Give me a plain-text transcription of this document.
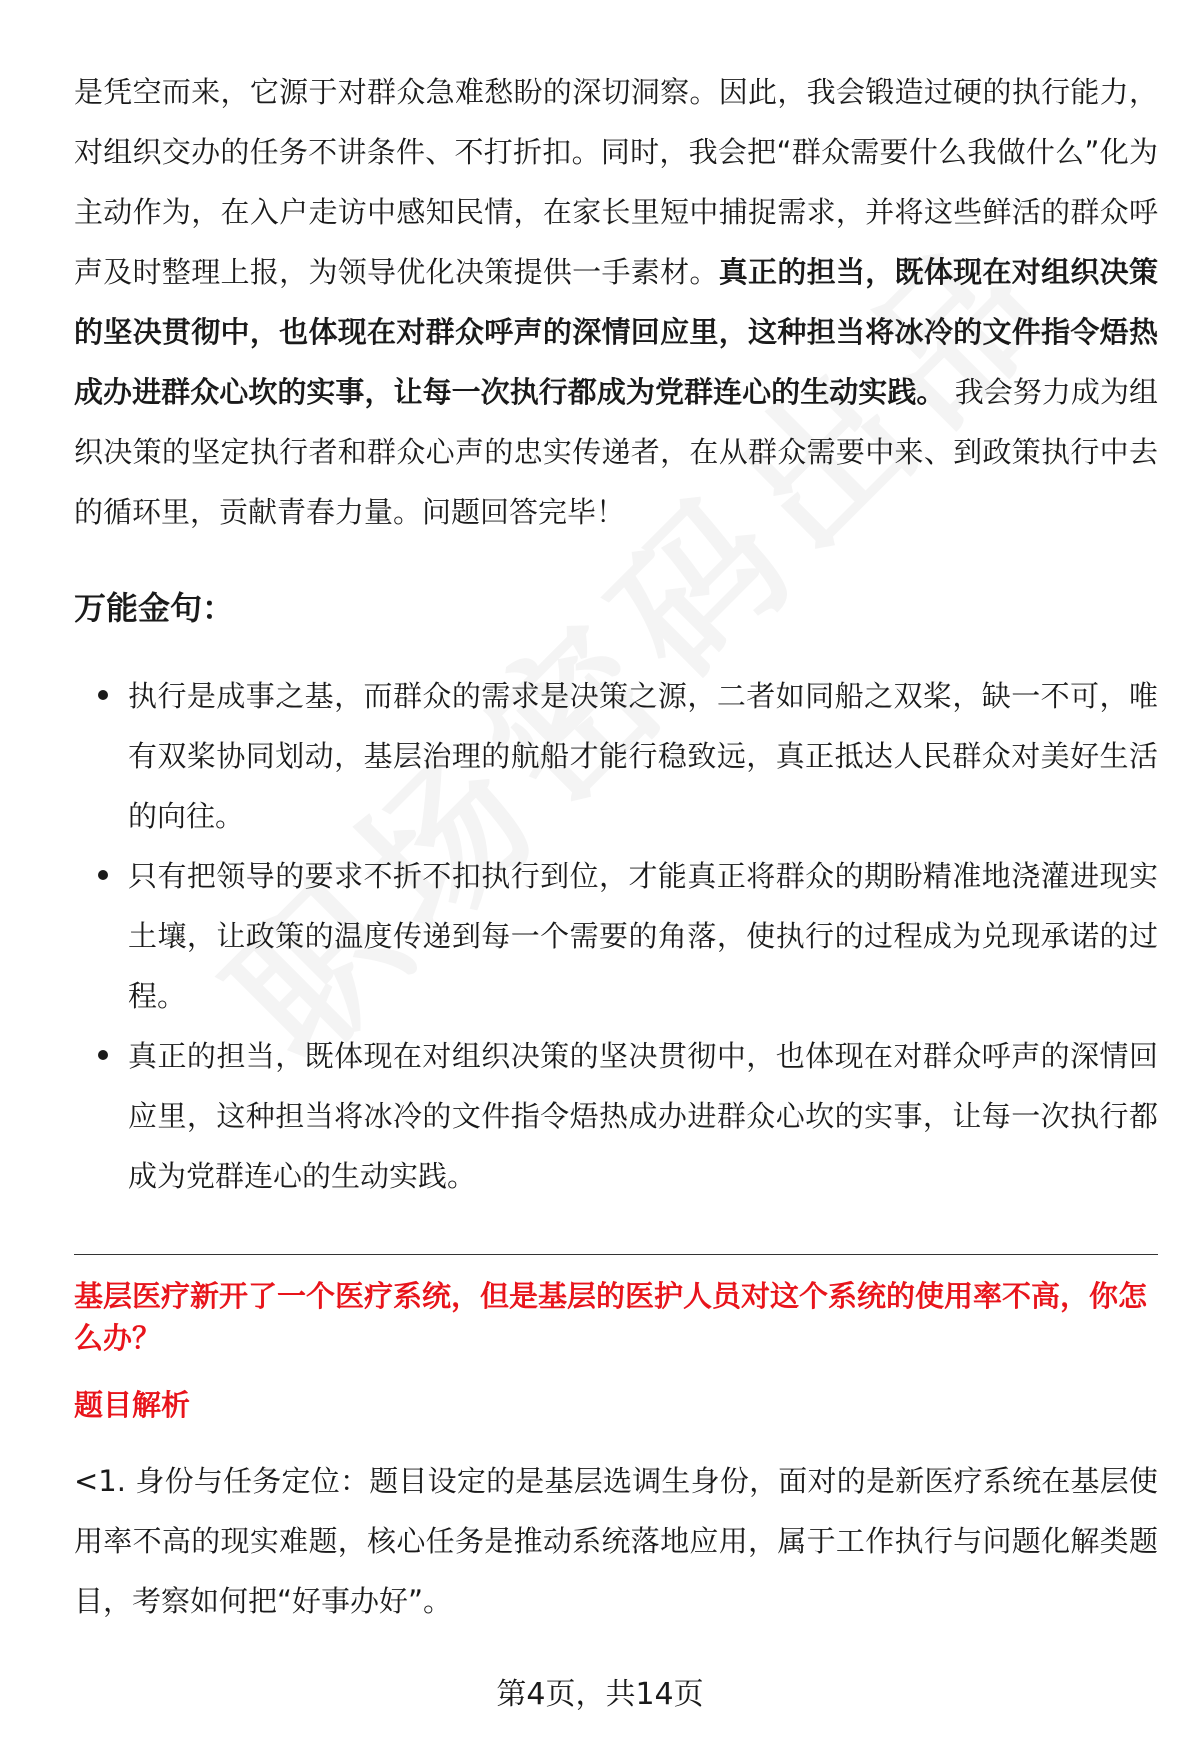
是凭空而来，它源于对群众急难愁盼的深切洞察。因此，我会锻造过硬的执行能力，对组织交办的任务不讲条件、不打折扣。同时，我会把“群众需要什么我做什么”化为主动作为，在入户走访中感知民情，在家长里短中捕捉需求，并将这些鲜活的群众呼声及时整理上报，为领导优化决策提供一手素材。真正的担当，既体现在对组织决策的坚决贯彻中，也体现在对群众呼声的深情回应里，这种担当将冰冷的文件指令焐热成办进群众心坎的实事，让每一次执行都成为党群连心的生动实践。 我会努力成为组织决策的坚定执行者和群众心声的忠实传递者，在从群众需要中来、到政策执行中去的循环里，贡献青春力量。问题回答完毕！

万能金句：
执行是成事之基，而群众的需求是决策之源，二者如同船之双桨，缺一不可，唯有双桨协同划动，基层治理的航船才能行稳致远，真正抵达人民群众对美好生活的向往。
只有把领导的要求不折不扣执行到位，才能真正将群众的期盼精准地浇灌进现实土壤，让政策的温度传递到每一个需要的角落，使执行的过程成为兑现承诺的过程。
真正的担当，既体现在对组织决策的坚决贯彻中，也体现在对群众呼声的深情回应里，这种担当将冰冷的文件指令焐热成办进群众心坎的实事，让每一次执行都成为党群连心的生动实践。

基层医疗新开了一个医疗系统，但是基层的医护人员对这个系统的使用率不高，你怎么办？

题目解析

<1. 身份与任务定位：题目设定的是基层选调生身份，面对的是新医疗系统在基层使用率不高的现实难题，核心任务是推动系统落地应用，属于工作执行与问题化解类题目，考察如何把“好事办好”。

第4页，共14页
